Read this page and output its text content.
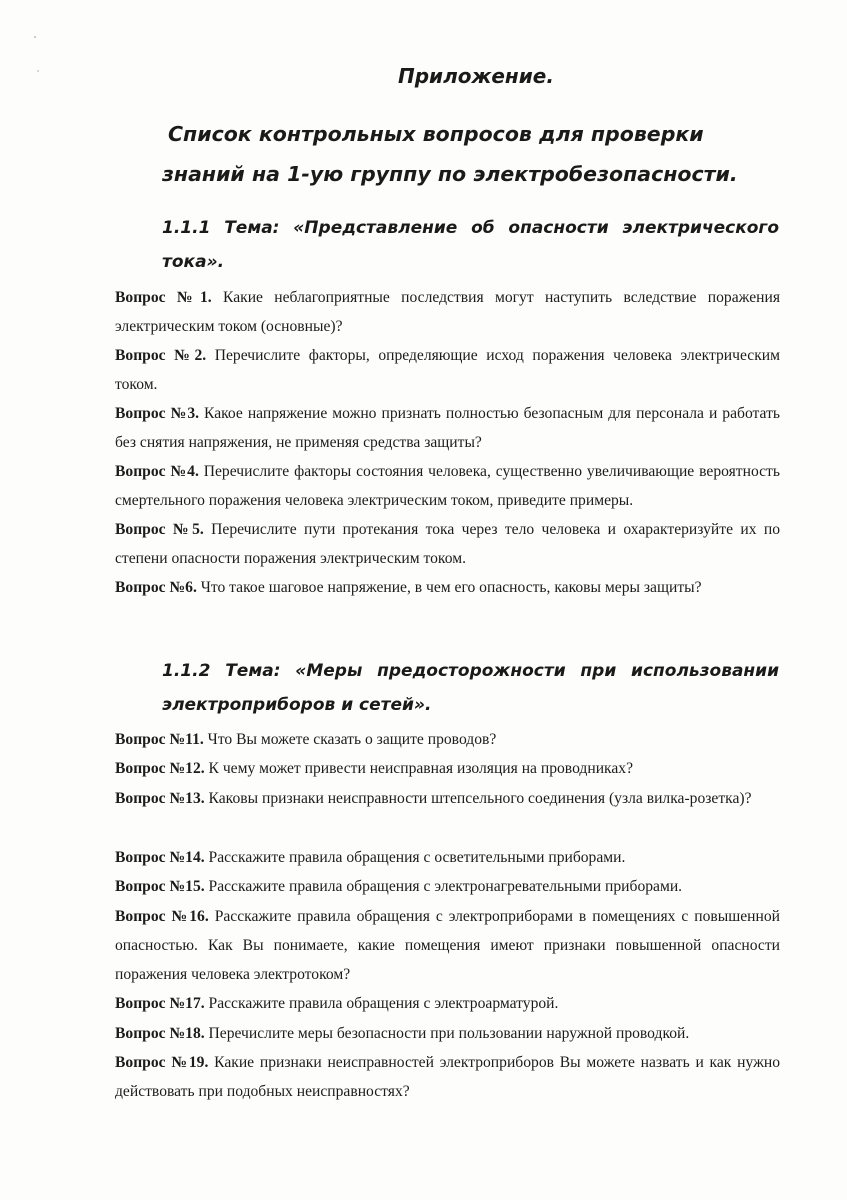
Приложение.
Список контрольных вопросов для проверки
знаний на 1-ую группу по электробезопасности.
1.1.1 Тема: «Представление об опасности электрического тока».
Вопрос №1. Какие неблагоприятные последствия могут наступить вследствие поражения электрическим током (основные)?
Вопрос №2. Перечислите факторы, определяющие исход поражения человека электрическим током.
Вопрос №3. Какое напряжение можно признать полностью безопасным для персонала и работать без снятия напряжения, не применяя средства защиты?
Вопрос №4. Перечислите факторы состояния человека, существенно увеличивающие вероятность смертельного поражения человека электрическим током, приведите примеры.
Вопрос №5. Перечислите пути протекания тока через тело человека и охарактеризуйте их по степени опасности поражения электрическим током.
Вопрос №6. Что такое шаговое напряжение, в чем его опасность, каковы меры защиты?
1.1.2 Тема: «Меры предосторожности при использовании электроприборов и сетей».
Вопрос №11. Что Вы можете сказать о защите проводов?
Вопрос №12. К чему может привести неисправная изоляция на проводниках?
Вопрос №13. Каковы признаки неисправности штепсельного соединения (узла вилка-розетка)?
Вопрос №14. Расскажите правила обращения с осветительными приборами.
Вопрос №15. Расскажите правила обращения с электронагревательными приборами.
Вопрос №16. Расскажите правила обращения с электроприборами в помещениях с повышенной опасностью. Как Вы понимаете, какие помещения имеют признаки повышенной опасности поражения человека электротоком?
Вопрос №17. Расскажите правила обращения с электроарматурой.
Вопрос №18. Перечислите меры безопасности при пользовании наружной проводкой.
Вопрос №19. Какие признаки неисправностей электроприборов Вы можете назвать и как нужно действовать при подобных неисправностях?
